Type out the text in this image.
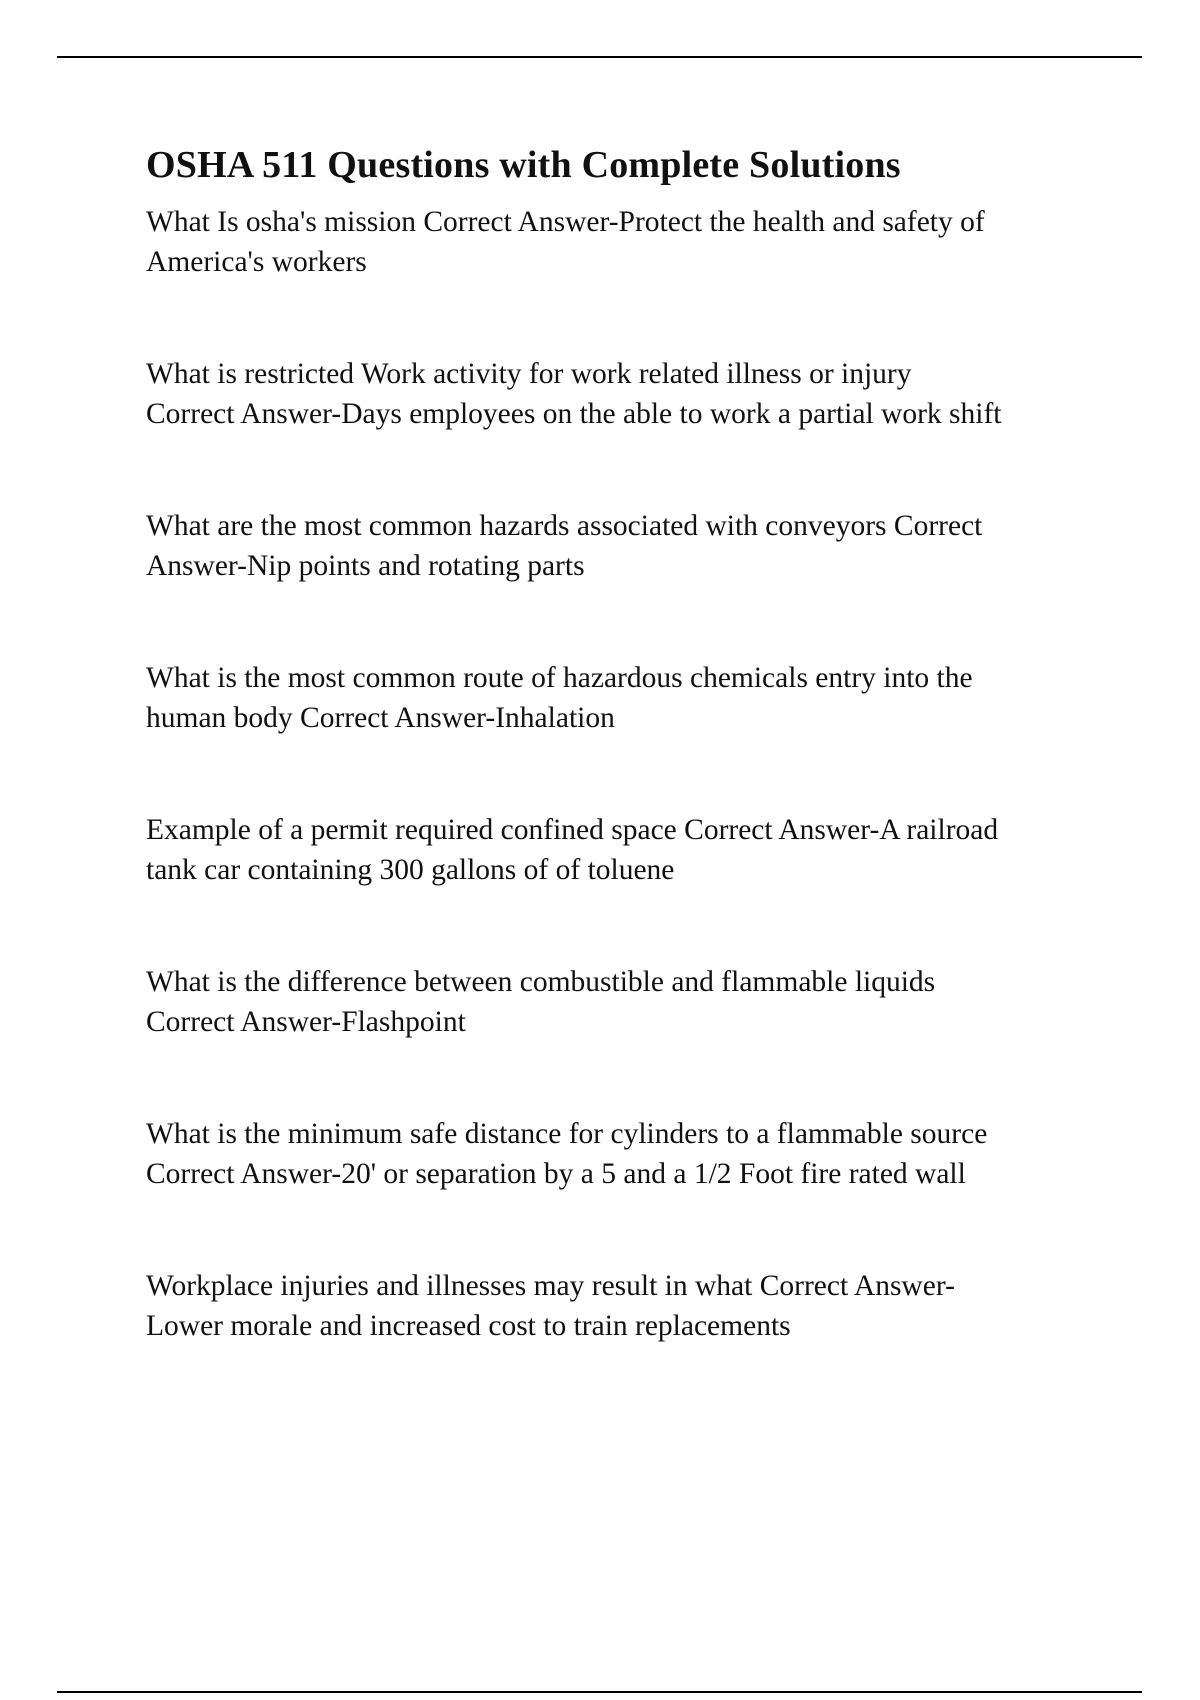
OSHA 511 Questions with Complete Solutions
What Is osha's mission Correct Answer-Protect the health and safety of
America's workers
What is restricted Work activity for work related illness or injury
Correct Answer-Days employees on the able to work a partial work shift
What are the most common hazards associated with conveyors Correct
Answer-Nip points and rotating parts
What is the most common route of hazardous chemicals entry into the
human body Correct Answer-Inhalation
Example of a permit required confined space Correct Answer-A railroad
tank car containing 300 gallons of of toluene
What is the difference between combustible and flammable liquids
Correct Answer-Flashpoint
What is the minimum safe distance for cylinders to a flammable source
Correct Answer-20' or separation by a 5 and a 1/2 Foot fire rated wall
Workplace injuries and illnesses may result in what Correct Answer-
Lower morale and increased cost to train replacements
